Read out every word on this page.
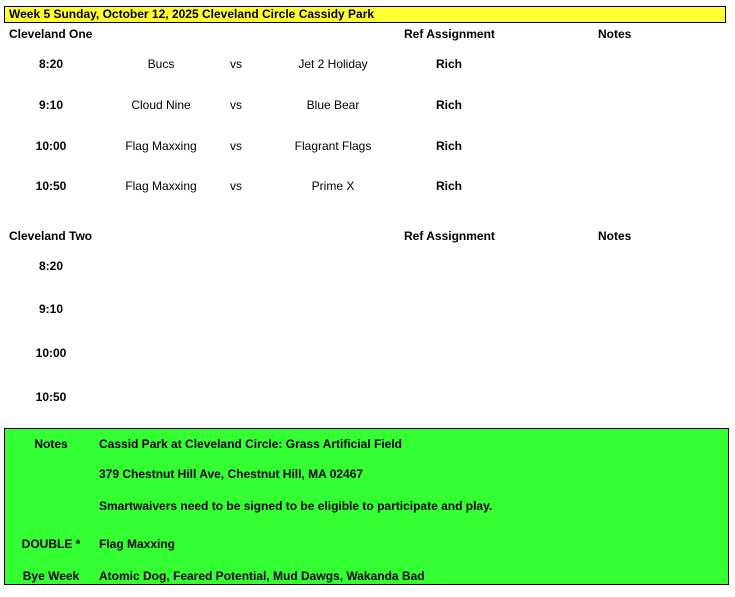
Week 5 Sunday, October 12, 2025 Cleveland Circle Cassidy Park
Cleveland One	Ref Assignment	Notes
8:20	Bucs	vs	Jet 2 Holiday	Rich
9:10	Cloud Nine	vs	Blue Bear	Rich
10:00	Flag Maxxing	vs	Flagrant Flags	Rich
10:50	Flag Maxxing	vs	Prime X	Rich
Cleveland Two	Ref Assignment	Notes
8:20
9:10
10:00
10:50
Notes	Cassid Park at Cleveland Circle: Grass Artificial Field
379 Chestnut Hill Ave, Chestnut Hill, MA 02467
Smartwaivers need to be signed to be eligible to participate and play.
DOUBLE * Flag Maxxing
Bye Week Atomic Dog, Feared Potential, Mud Dawgs, Wakanda Bad
